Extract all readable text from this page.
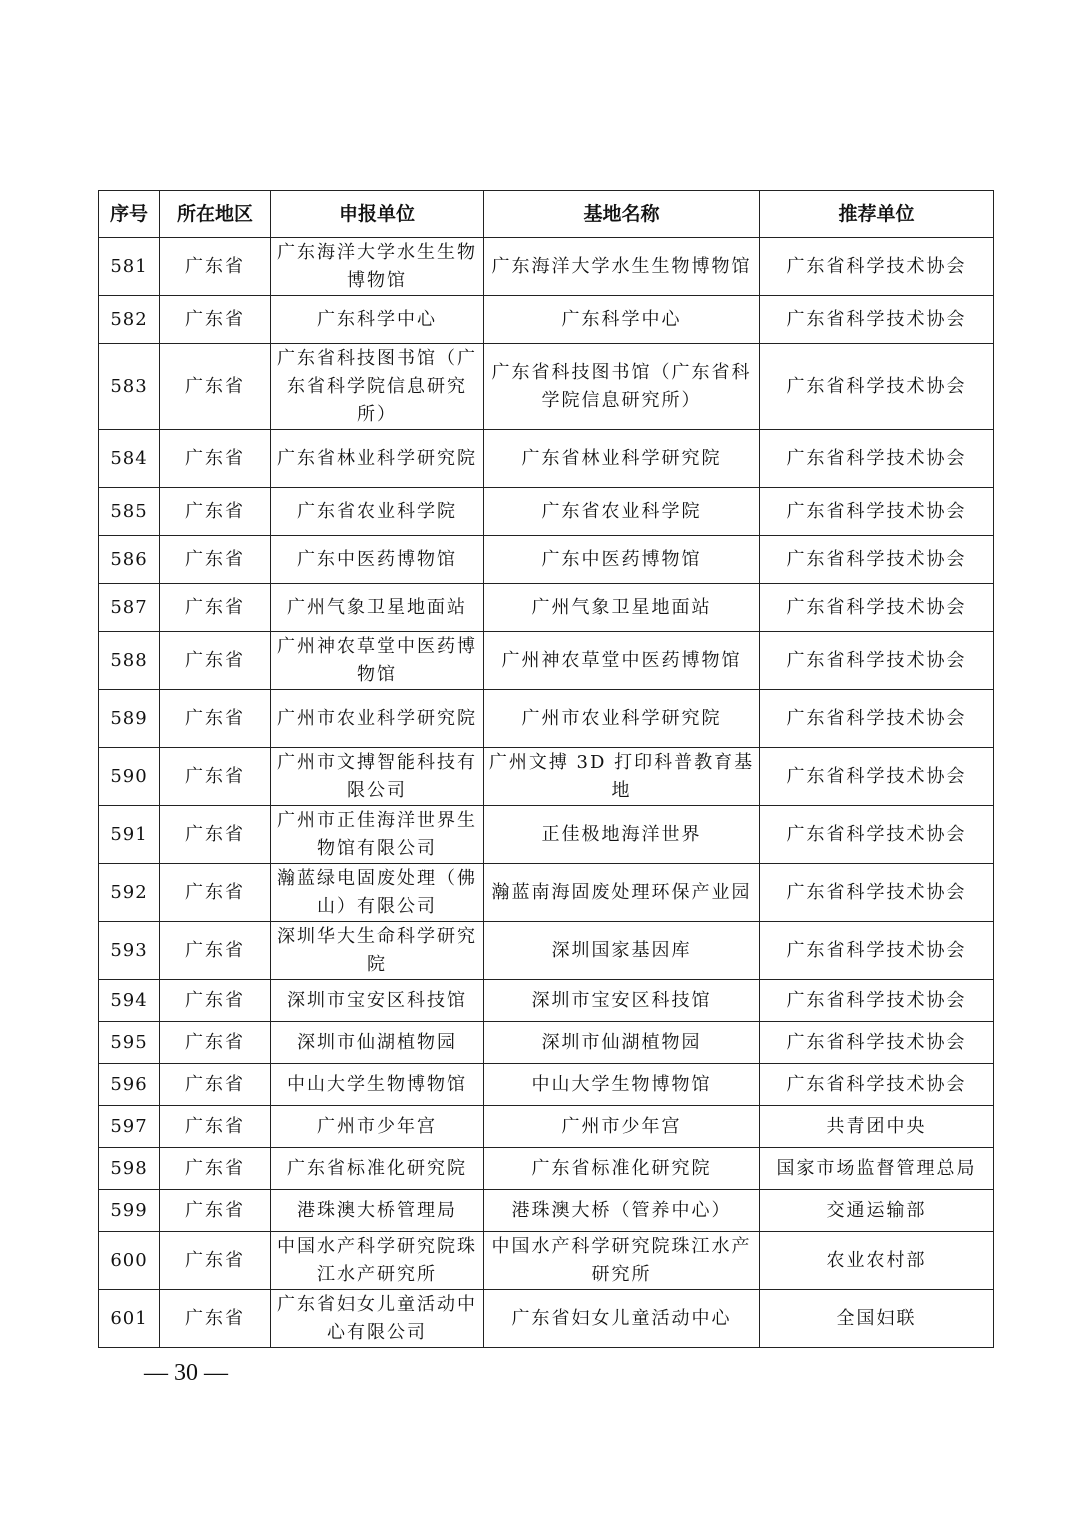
序号	所在地区	申报单位	基地名称	推荐单位
581	广东省	广东海洋大学水生生物博物馆	广东海洋大学水生生物博物馆	广东省科学技术协会
582	广东省	广东科学中心	广东科学中心	广东省科学技术协会
583	广东省	广东省科技图书馆（广东省科学院信息研究所）	广东省科技图书馆（广东省科学院信息研究所）	广东省科学技术协会
584	广东省	广东省林业科学研究院	广东省林业科学研究院	广东省科学技术协会
585	广东省	广东省农业科学院	广东省农业科学院	广东省科学技术协会
586	广东省	广东中医药博物馆	广东中医药博物馆	广东省科学技术协会
587	广东省	广州气象卫星地面站	广州气象卫星地面站	广东省科学技术协会
588	广东省	广州神农草堂中医药博物馆	广州神农草堂中医药博物馆	广东省科学技术协会
589	广东省	广州市农业科学研究院	广州市农业科学研究院	广东省科学技术协会
590	广东省	广州市文搏智能科技有限公司	广州文搏 3D 打印科普教育基地	广东省科学技术协会
591	广东省	广州市正佳海洋世界生物馆有限公司	正佳极地海洋世界	广东省科学技术协会
592	广东省	瀚蓝绿电固废处理（佛山）有限公司	瀚蓝南海固废处理环保产业园	广东省科学技术协会
593	广东省	深圳华大生命科学研究院	深圳国家基因库	广东省科学技术协会
594	广东省	深圳市宝安区科技馆	深圳市宝安区科技馆	广东省科学技术协会
595	广东省	深圳市仙湖植物园	深圳市仙湖植物园	广东省科学技术协会
596	广东省	中山大学生物博物馆	中山大学生物博物馆	广东省科学技术协会
597	广东省	广州市少年宫	广州市少年宫	共青团中央
598	广东省	广东省标准化研究院	广东省标准化研究院	国家市场监督管理总局
599	广东省	港珠澳大桥管理局	港珠澳大桥（管养中心）	交通运输部
600	广东省	中国水产科学研究院珠江水产研究所	中国水产科学研究院珠江水产研究所	农业农村部
601	广东省	广东省妇女儿童活动中心有限公司	广东省妇女儿童活动中心	全国妇联
— 30 —
